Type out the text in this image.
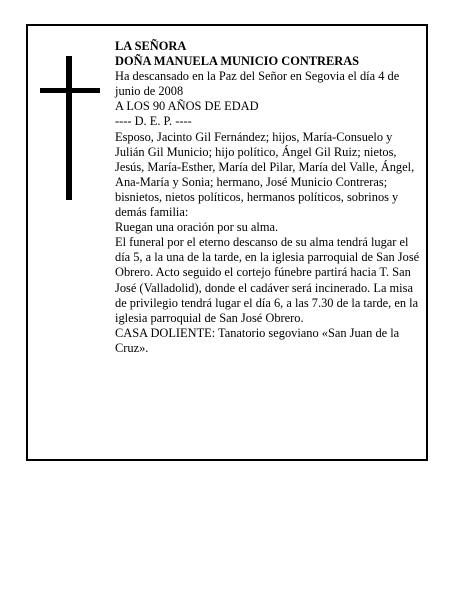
LA SEÑORA

DOÑA MANUELA MUNICIO CONTRERAS

Ha descansado en la Paz del Señor en Segovia el día 4 de junio de 2008

A LOS 90 AÑOS DE EDAD

---- D. E. P. ----

Esposo, Jacinto Gil Fernández; hijos, María-Consuelo y Julián Gil Municio; hijo político, Ángel Gil Ruiz; nietos, Jesús, María-Esther, María del Pilar, María del Valle, Ángel, Ana-María y Sonia; hermano, José Municio Contreras; bisnietos, nietos políticos, hermanos políticos, sobrinos y demás familia:

Ruegan una oración por su alma.

El funeral por el eterno descanso de su alma tendrá lugar el día 5, a la una de la tarde, en la iglesia parroquial de San José Obrero. Acto seguido el cortejo fúnebre partirá hacia T. San José (Valladolid), donde el cadáver será incinerado. La misa de privilegio tendrá lugar el día 6, a las 7.30 de la tarde, en la iglesia parroquial de San José Obrero.

CASA DOLIENTE: Tanatorio segoviano «San Juan de la Cruz».
